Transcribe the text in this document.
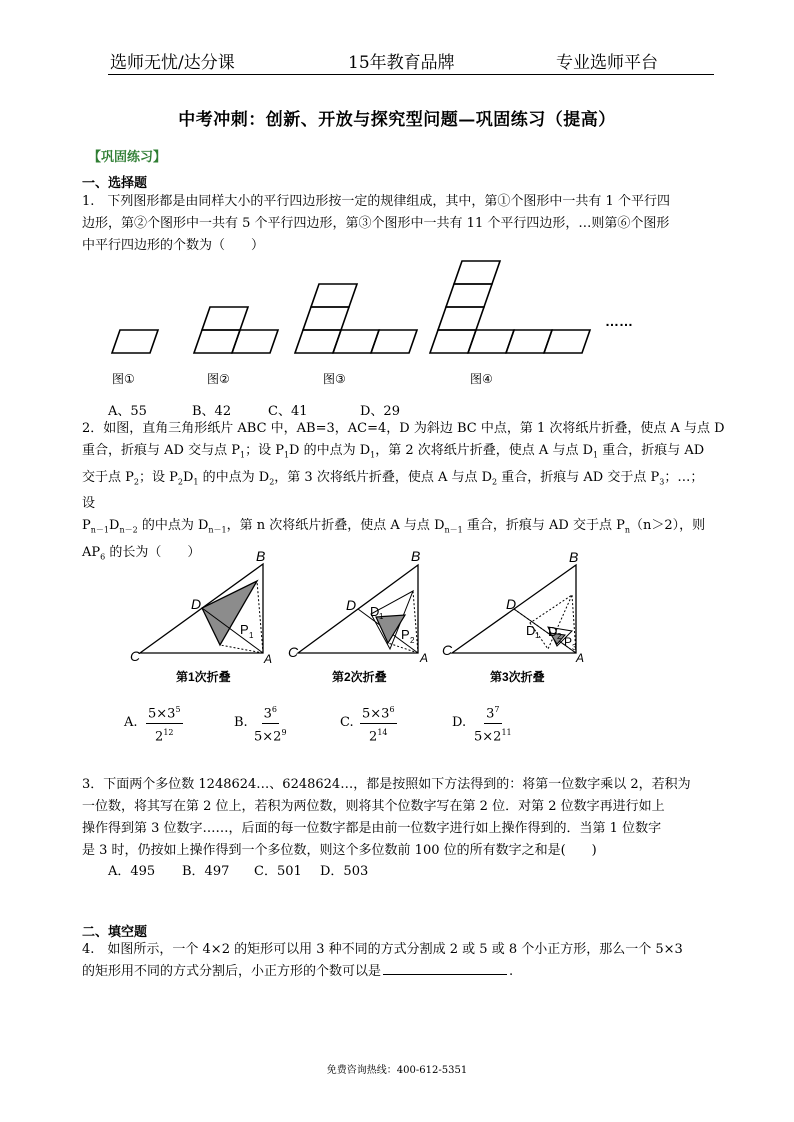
选师无忧/达分课	15年教育品牌	专业选师平台
中考冲刺：创新、开放与探究型问题—巩固练习（提高）
【巩固练习】
一、选择题
1.　下列图形都是由同样大小的平行四边形按一定的规律组成，其中，第①个图形中一共有 1 个平行四
边形，第②个图形中一共有 5 个平行四边形，第③个图形中一共有 11 个平行四边形，…则第⑥个图形
中平行四边形的个数为（　　）
……
图①	图②	图③	图④
A、55	B、42	C、41	D、29
2．如图，直角三角形纸片 ABC 中，AB=3，AC=4，D 为斜边 BC 中点，第 1 次将纸片折叠，使点 A 与点 D
重合，折痕与 AD 交与点 $P_1$；设 $P_1D$ 的中点为 $D_1$，第 2 次将纸片折叠，使点 A 与点 $D_1$ 重合，折痕与 AD
交于点 $P_2$；设 $P_2D_1$ 的中点为 $D_2$，第 3 次将纸片折叠，使点 A 与点 $D_2$ 重合，折痕与 AD 交于点 $P_3$；…；
设
$P_{n-1}D_{n-2}$ 的中点为 $D_{n-1}$，第 n 次将纸片折叠，使点 A 与点 $D_{n-1}$ 重合，折痕与 AD 交于点 $P_n(n>2)$，则
$AP_6$ 的长为（　　）
C
B
A
D
P 1
C
B
A
D D 1
P 2
C
B
A
D
D 1 D 2 P 3
第1次折叠	第2次折叠	第3次折叠
A. $\frac{5\times 3^5}{2^{12}}$	B. $\frac{3^6}{5\times 2^9}$	C. $\frac{5\times 3^6}{2^{14}}$	D. $\frac{3^7}{5\times 2^{11}}$
3．下面两个多位数 1248624…、6248624…，都是按照如下方法得到的：将第一位数字乘以 2，若积为
一位数，将其写在第 2 位上，若积为两位数，则将其个位数字写在第 2 位．对第 2 位数字再进行如上
操作得到第 3 位数字……，后面的每一位数字都是由前一位数字进行如上操作得到的．当第 1 位数字
是 3 时，仍按如上操作得到一个多位数，则这个多位数前 100 位的所有数字之和是(　　)
A．495 B．497 C．501 D．503
二、填空题
4.　如图所示，一个 4×2 的矩形可以用 3 种不同的方式分割成 2 或 5 或 8 个小正方形，那么一个 5×3
的矩形用不同的方式分割后，小正方形的个数可以是	.
免费咨询热线：400-612-5351
